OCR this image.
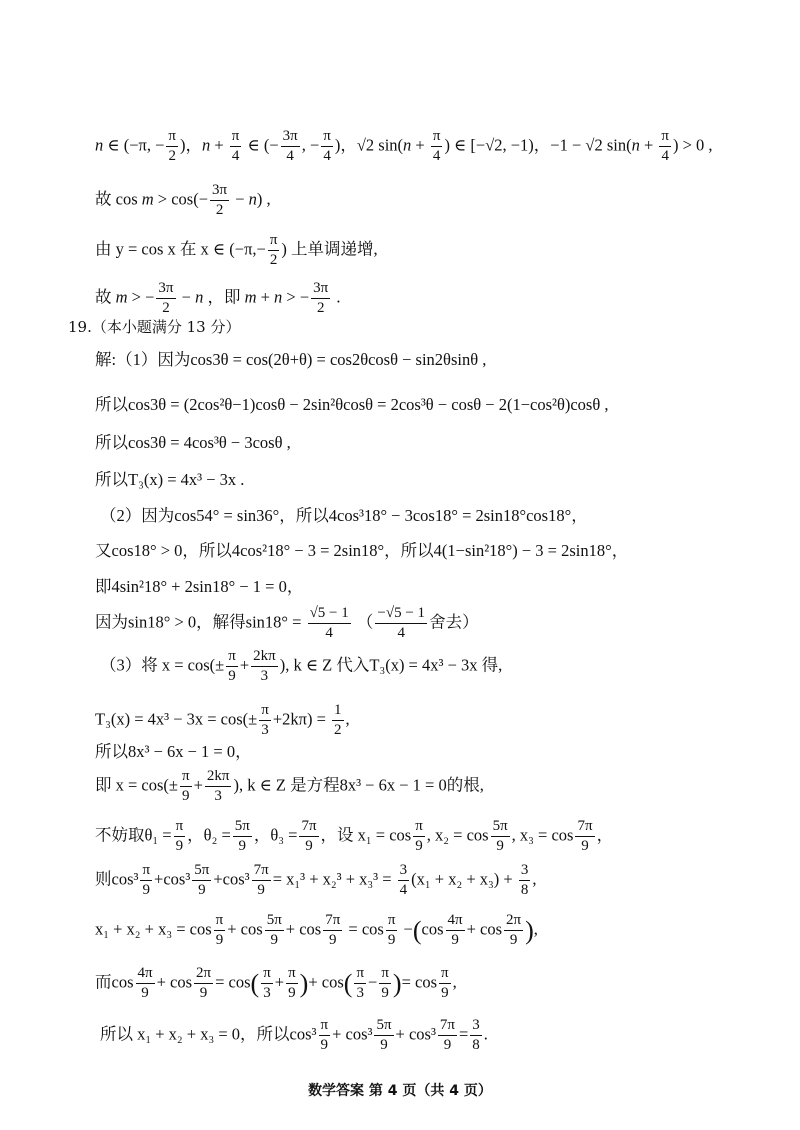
n ∈ (−π, − $\frac{\pi}{2}$ )，$n + \frac{\pi}{4}$ ∈ (− $\frac{3\pi}{4}$ , − $\frac{\pi}{4}$ )，√2 $\sin(n + \frac{\pi}{4}$ ) ∈ [−√2, −1)，−1 − √2 $\sin(n + \frac{\pi}{4}$ ) > 0 ,
故 $\cos m > \cos(- \frac{3\pi}{2} - n)$ ,
由 y = cos x 在 x ∈ ($-\pi,- \frac{\pi}{2}$ ) 上单调递增,
故 m > − $\frac{3\pi}{2} - n$ ，即 m + n > − $\frac{3\pi}{2}$ .
19.（本小题满分 13 分）
解:（1）因为cos3θ = cos(2θ+θ) = cos2θcosθ − sin2θsinθ ,
所以cos3θ = (2cos²θ−1)cosθ − 2sin²θcosθ = 2cos³θ − cosθ − 2(1−cos²θ)cosθ ,
所以cos3θ = 4cos³θ − 3cosθ ,
所以T₃(x) = 4x³ − 3x .
（2）因为cos54° = sin36°，所以4cos³18° − 3cos18° = 2sin18°cos18°，
又cos18° > 0，所以4cos²18° − 3 = 2sin18°，所以4(1−sin²18°) − 3 = 2sin18°，
即4sin²18° + 2sin18° − 1 = 0，
因为sin18° > 0，解得$\sin 18^\circ = \frac{√5 - 1}{4}$ （ $\frac{-√5 - 1}{4}$ 舍去）
（3）将 $x = \cos(\pm \frac{\pi}{9} + \frac{2k\pi}{3}$ ), k ∈ Z 代入T₃(x) = 4x³ − 3x 得,
$T_3(x) = 4x^3 - 3x = \cos(\pm \frac{\pi}{3} +2k\pi) = \frac{1}{2}$ ,
所以8x³ − 6x − 1 = 0，
即 $x = \cos(\pm \frac{\pi}{9} + \frac{2k\pi}{3}$ ), k ∈ Z 是方程8x³ − 6x − 1 = 0的根,
不妨取$\theta_1 = \frac{\pi}{9}$ ，$\theta_2 = \frac{5\pi}{9}$ ，$\theta_3 = \frac{7\pi}{9}$ ，设 $x_1 = \cos \frac{\pi}{9}$ , $x_2 = \cos \frac{5\pi}{9}$ , $x_3 = \cos \frac{7\pi}{9}$ ，
则$\cos^3 \frac{\pi}{9} +\cos^3 \frac{5\pi}{9} +\cos^3 \frac{7\pi}{9} = x_1^3 + x_2^3 + x_3^3 = \frac{3}{4} (x_1 + x_2 + x_3) + \frac{3}{8}$ ,
$x_1 + x_2 + x_3 = \cos \frac{\pi}{9} + \cos \frac{5\pi}{9} + \cos \frac{7\pi}{9} = \cos \frac{\pi}{9} -(\cos \frac{4\pi}{9} + \cos \frac{2\pi}{9}$ ),
而$\cos \frac{4\pi}{9} + \cos \frac{2\pi}{9} = \cos( \frac{\pi}{3} + \frac{\pi}{9}$ )+ $\cos( \frac{\pi}{3} - \frac{\pi}{9}$ )= $\cos \frac{\pi}{9}$ ,
所以 x₁ + x₂ + x₃ = 0，所以$\cos^3 \frac{\pi}{9} + \cos^3 \frac{5\pi}{9} + \cos^3 \frac{7\pi}{9} = \frac{3}{8}$ .
数学答案 第 4 页（共 4 页）
